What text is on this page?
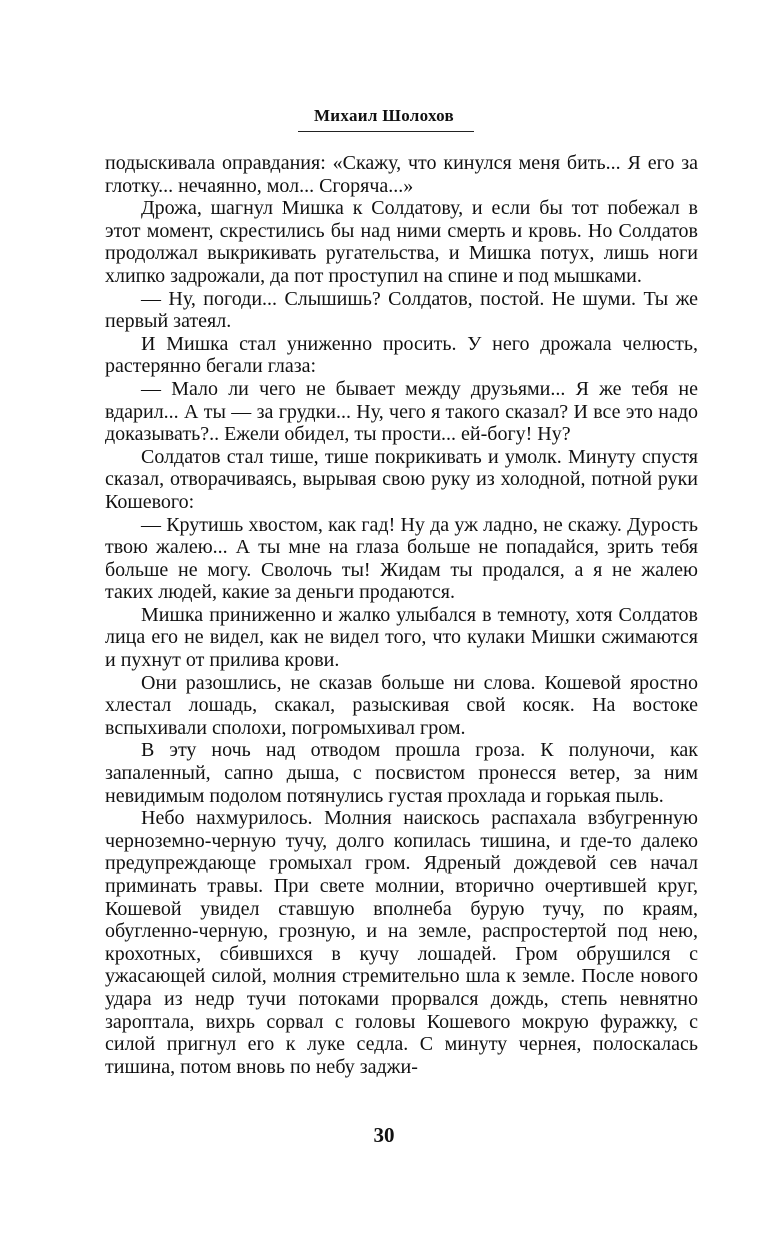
Михаил Шолохов

подыскивала оправдания: «Скажу, что кинулся меня бить... Я его за глотку... нечаянно, мол... Сгоряча...»

Дрожа, шагнул Мишка к Солдатову, и если бы тот побежал в этот момент, скрестились бы над ними смерть и кровь. Но Солдатов продолжал выкрикивать ругательства, и Мишка потух, лишь ноги хлипко задрожали, да пот проступил на спине и под мышками.

— Ну, погоди... Слышишь? Солдатов, постой. Не шуми. Ты же первый затеял.

И Мишка стал униженно просить. У него дрожала челюсть, растерянно бегали глаза:

— Мало ли чего не бывает между друзьями... Я же тебя не вдарил... А ты — за грудки... Ну, чего я такого сказал? И все это надо доказывать?.. Ежели обидел, ты прости... ей-богу! Ну?

Солдатов стал тише, тише покрикивать и умолк. Минуту спустя сказал, отворачиваясь, вырывая свою руку из холодной, потной руки Кошевого:

— Крутишь хвостом, как гад! Ну да уж ладно, не скажу. Дурость твою жалею... А ты мне на глаза больше не попадайся, зрить тебя больше не могу. Сволочь ты! Жидам ты продался, а я не жалею таких людей, какие за деньги продаются.

Мишка приниженно и жалко улыбался в темноту, хотя Солдатов лица его не видел, как не видел того, что кулаки Мишки сжимаются и пухнут от прилива крови.

Они разошлись, не сказав больше ни слова. Кошевой яростно хлестал лошадь, скакал, разыскивая свой косяк. На востоке вспыхивали сполохи, погромыхивал гром.

В эту ночь над отводом прошла гроза. К полуночи, как запаленный, сапно дыша, с посвистом пронесся ветер, за ним невидимым подолом потянулись густая прохлада и горькая пыль.

Небо нахмурилось. Молния наискось распахала взбугренную черноземно-черную тучу, долго копилась тишина, и где-то далеко предупреждающе громыхал гром. Ядреный дождевой сев начал приминать травы. При свете молнии, вторично очертившей круг, Кошевой увидел ставшую вполнеба бурую тучу, по краям, обугленно-черную, грозную, и на земле, распростертой под нею, крохотных, сбившихся в кучу лошадей. Гром обрушился с ужасающей силой, молния стремительно шла к земле. После нового удара из недр тучи потоками прорвался дождь, степь невнятно зароптала, вихрь сорвал с головы Кошевого мокрую фуражку, с силой пригнул его к луке седла. С минуту чернея, полоскалась тишина, потом вновь по небу заджи-

30
